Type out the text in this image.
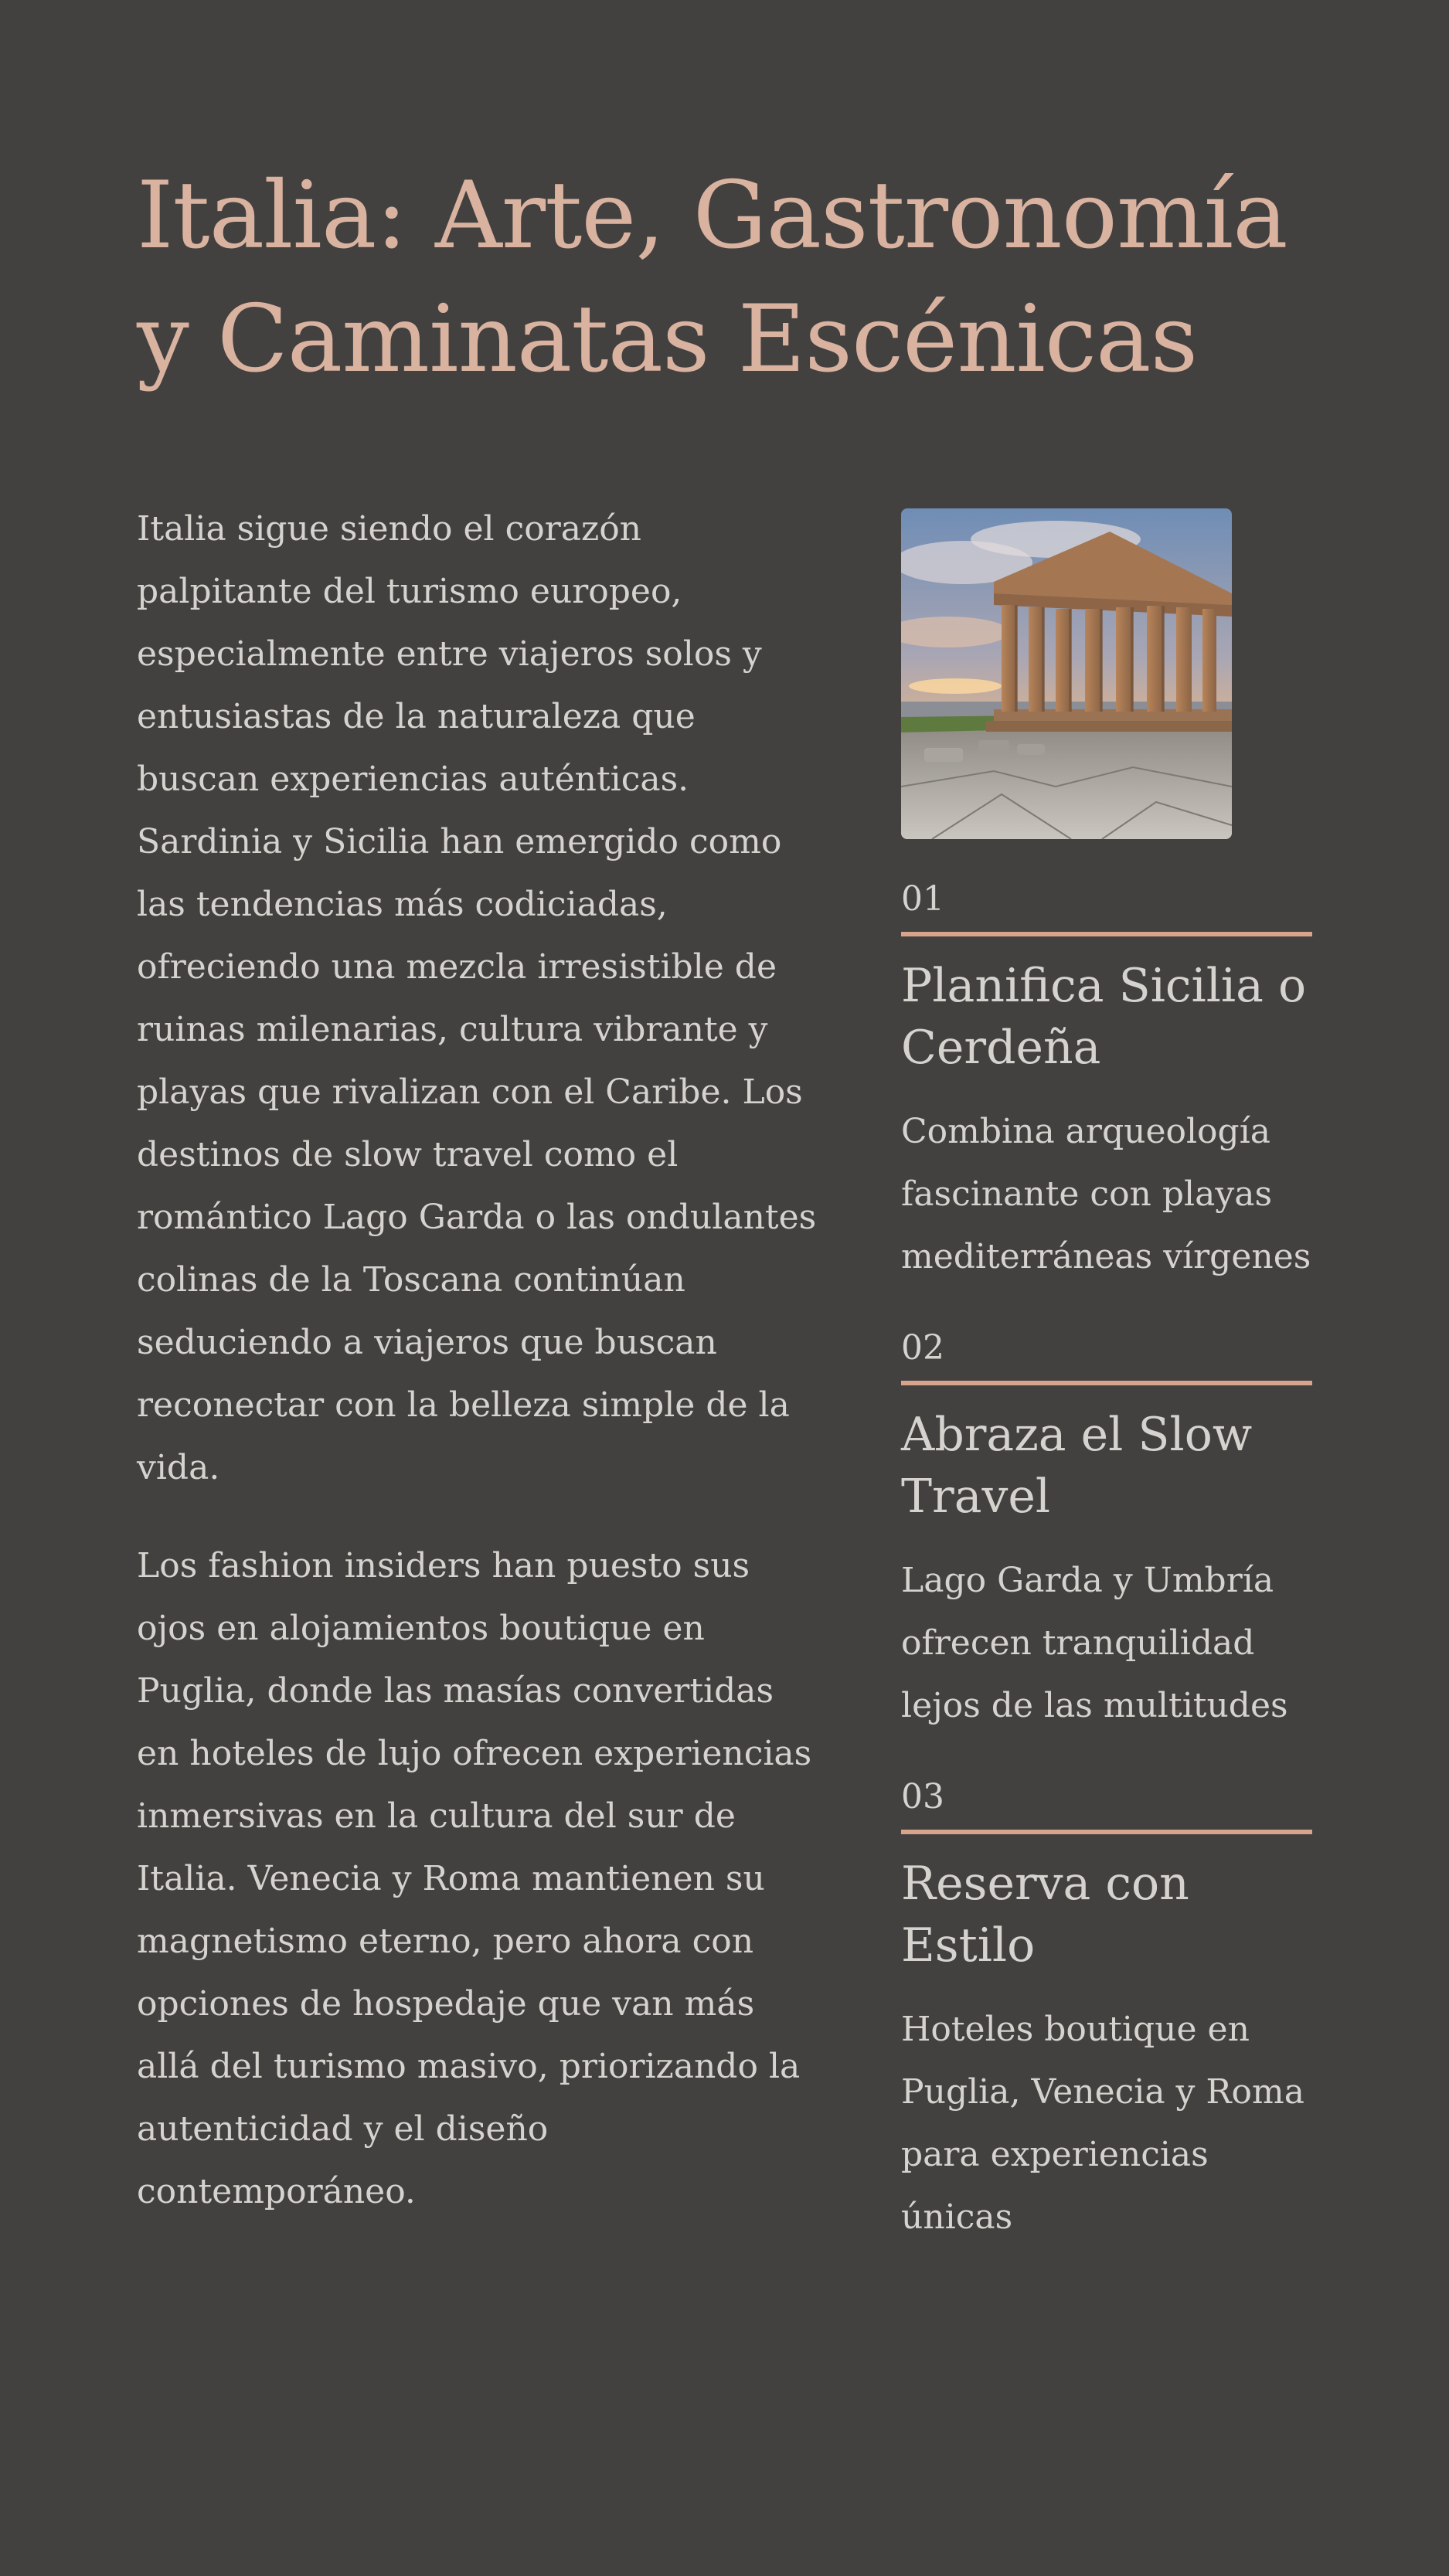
Italia: Arte, Gastronomía y Caminatas Escénicas

Italia sigue siendo el corazón palpitante del turismo europeo, especialmente entre viajeros solos y entusiastas de la naturaleza que buscan experiencias auténticas. Sardinia y Sicilia han emergido como las tendencias más codiciadas, ofreciendo una mezcla irresistible de ruinas milenarias, cultura vibrante y playas que rivalizan con el Caribe. Los destinos de slow travel como el romántico Lago Garda o las ondulantes colinas de la Toscana continúan seduciendo a viajeros que buscan reconectar con la belleza simple de la vida.

Los fashion insiders han puesto sus ojos en alojamientos boutique en Puglia, donde las masías convertidas en hoteles de lujo ofrecen experiencias inmersivas en la cultura del sur de Italia. Venecia y Roma mantienen su magnetismo eterno, pero ahora con opciones de hospedaje que van más allá del turismo masivo, priorizando la autenticidad y el diseño contemporáneo.

01
Planifica Sicilia o Cerdeña

Combina arqueología fascinante con playas mediterráneas vírgenes

02
Abraza el Slow Travel

Lago Garda y Umbría ofrecen tranquilidad lejos de las multitudes

03
Reserva con Estilo

Hoteles boutique en Puglia, Venecia y Roma para experiencias únicas
